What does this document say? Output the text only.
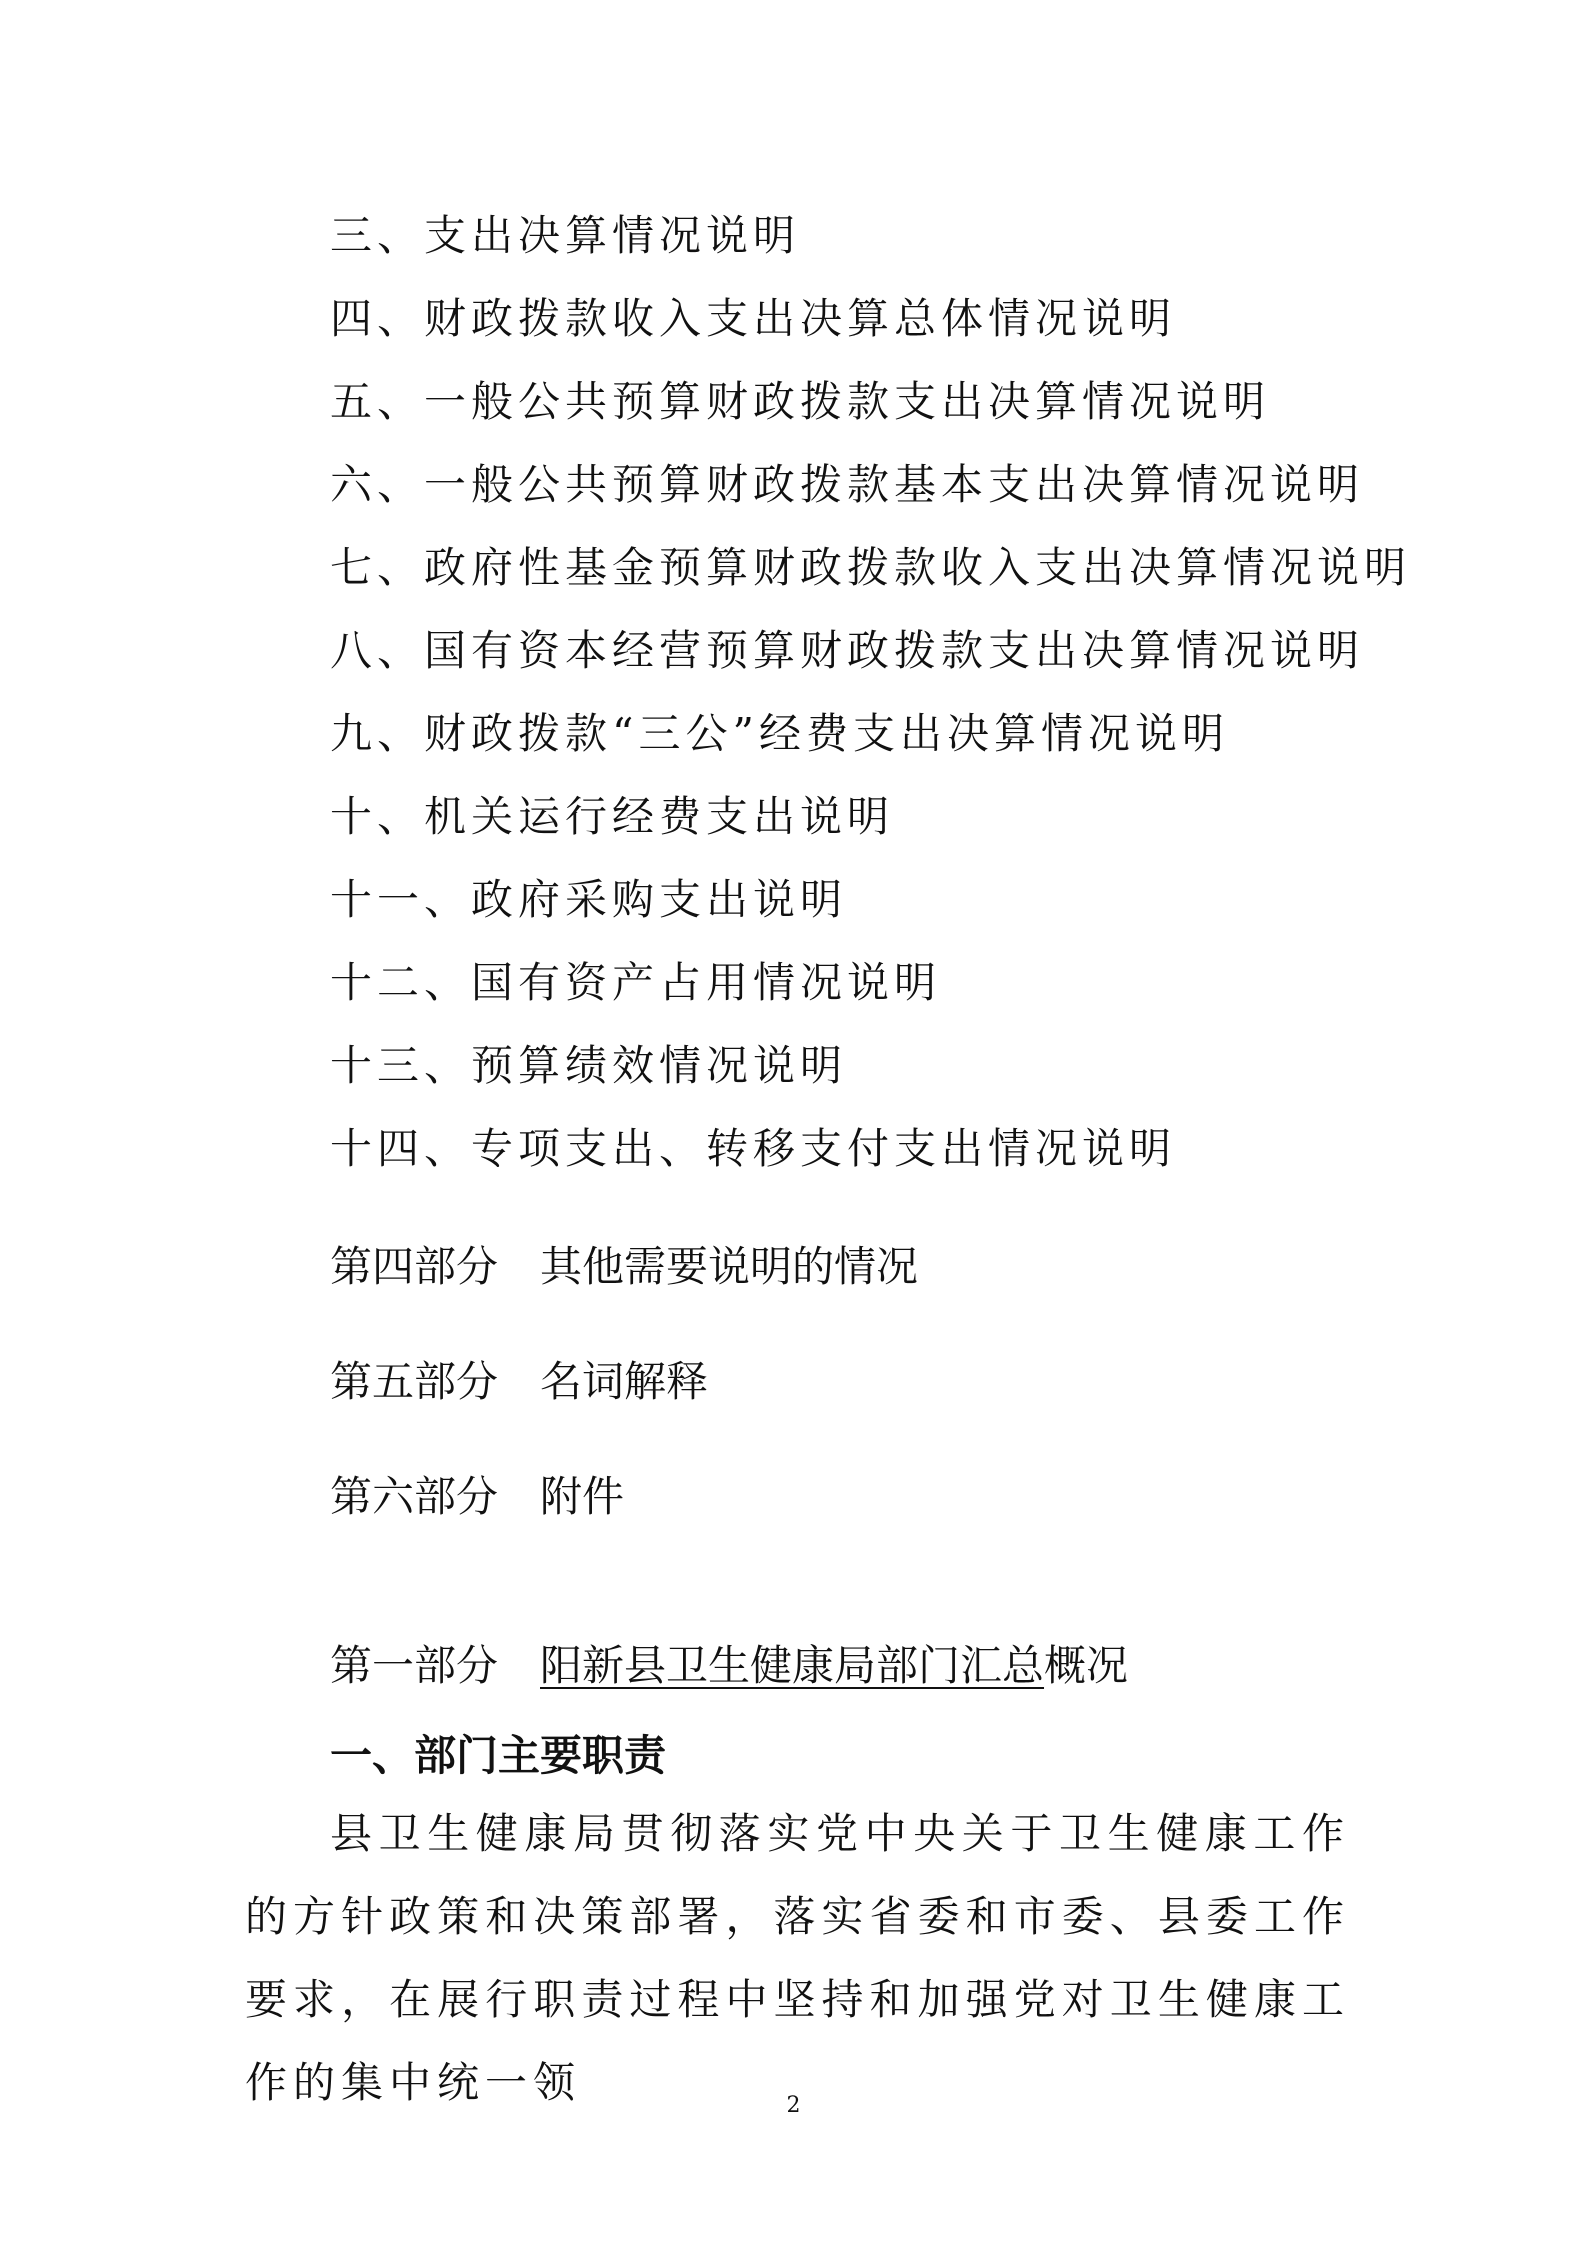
三、支出决算情况说明
四、财政拨款收入支出决算总体情况说明
五、一般公共预算财政拨款支出决算情况说明
六、一般公共预算财政拨款基本支出决算情况说明
七、政府性基金预算财政拨款收入支出决算情况说明
八、国有资本经营预算财政拨款支出决算情况说明
九、财政拨款“三公”经费支出决算情况说明
十、机关运行经费支出说明
十一、政府采购支出说明
十二、国有资产占用情况说明
十三、预算绩效情况说明
十四、专项支出、转移支付支出情况说明
第四部分 其他需要说明的情况
第五部分 名词解释
第六部分 附件
第一部分 阳新县卫生健康局部门汇总概况
一、部门主要职责
县卫生健康局贯彻落实党中央关于卫生健康工作的方针政策和决策部署，落实省委和市委、县委工作要求，在展行职责过程中坚持和加强党对卫生健康工作的集中统一领	2
